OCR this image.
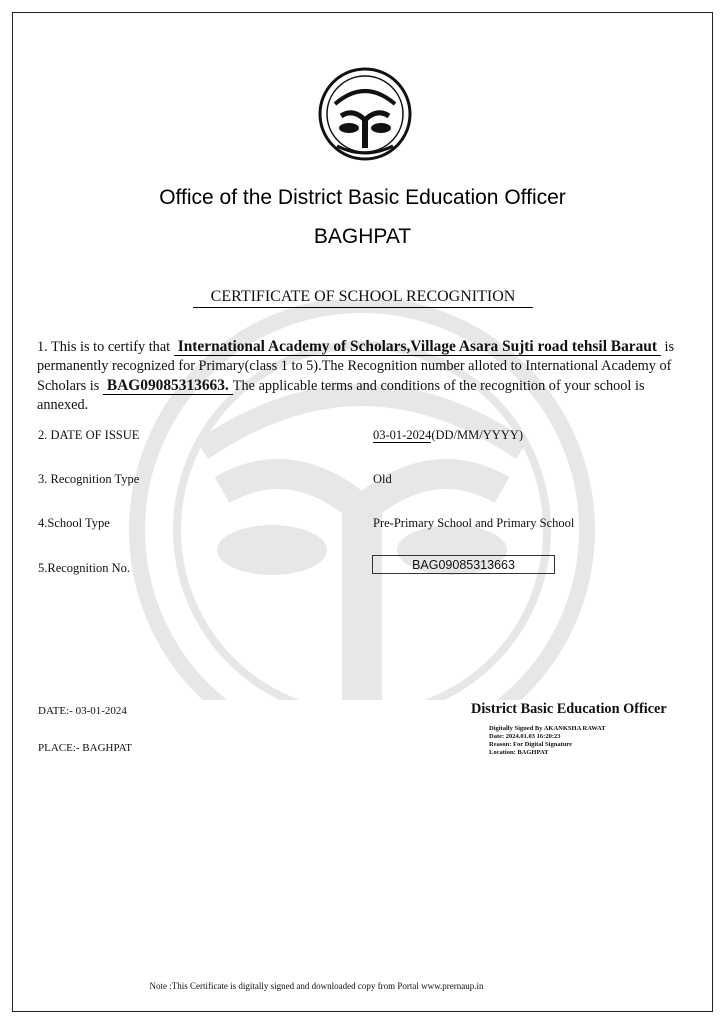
Office of the District Basic Education Officer
BAGHPAT
CERTIFICATE OF SCHOOL RECOGNITION
1. This is to certify that International Academy of Scholars,Village Asara Sujti road tehsil Baraut is permanently recognized for Primary(class 1 to 5).The Recognition number alloted to International Academy of Scholars is BAG09085313663. The applicable terms and conditions of the recognition of your school is annexed.
2. DATE OF ISSUE	03-01-2024(DD/MM/YYYY)
3. Recognition Type	Old
4.School Type	Pre-Primary School and Primary School
5.Recognition No.	BAG09085313663
DATE:- 03-01-2024
PLACE:- BAGHPAT
District Basic Education Officer
Digitally Signed By AKANKSHA RAWAT
Date: 2024.01.03 16:20:23
Reason: For Digital Signature
Location: BAGHPAT
Note :This Certificate is digitally signed and downloaded copy from Portal www.prernaup.in
